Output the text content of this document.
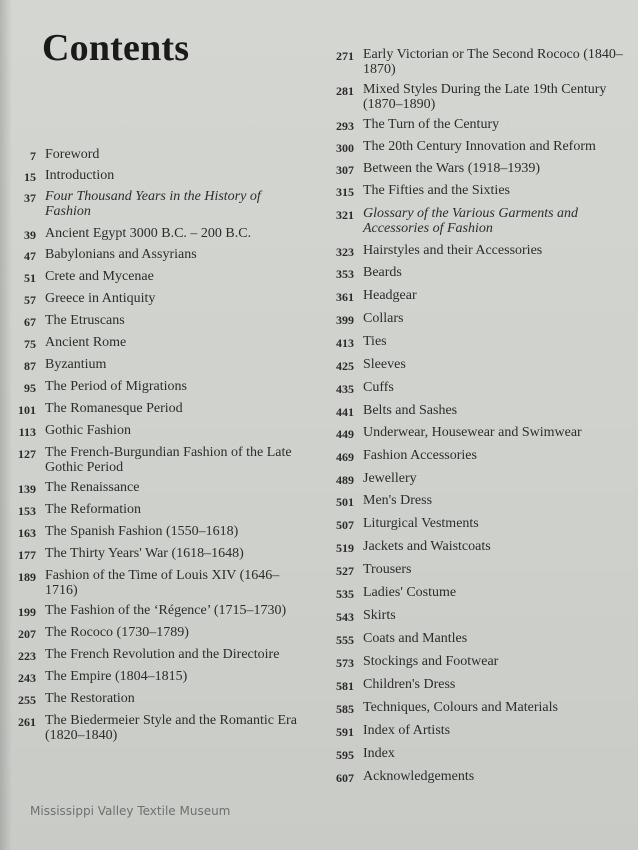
Contents
7 Foreword
15 Introduction
37 Four Thousand Years in the History of Fashion
39 Ancient Egypt 3000 B.C. – 200 B.C.
47 Babylonians and Assyrians
51 Crete and Mycenae
57 Greece in Antiquity
67 The Etruscans
75 Ancient Rome
87 Byzantium
95 The Period of Migrations
101 The Romanesque Period
113 Gothic Fashion
127 The French-Burgundian Fashion of the Late Gothic Period
139 The Renaissance
153 The Reformation
163 The Spanish Fashion (1550–1618)
177 The Thirty Years' War (1618–1648)
189 Fashion of the Time of Louis XIV (1646–1716)
199 The Fashion of the ‘Régence’ (1715–1730)
207 The Rococo (1730–1789)
223 The French Revolution and the Directoire
243 The Empire (1804–1815)
255 The Restoration
261 The Biedermeier Style and the Romantic Era (1820–1840)
271 Early Victorian or The Second Rococo (1840–1870)
281 Mixed Styles During the Late 19th Century (1870–1890)
293 The Turn of the Century
300 The 20th Century Innovation and Reform
307 Between the Wars (1918–1939)
315 The Fifties and the Sixties
321 Glossary of the Various Garments and Accessories of Fashion
323 Hairstyles and their Accessories
353 Beards
361 Headgear
399 Collars
413 Ties
425 Sleeves
435 Cuffs
441 Belts and Sashes
449 Underwear, Housewear and Swimwear
469 Fashion Accessories
489 Jewellery
501 Men's Dress
507 Liturgical Vestments
519 Jackets and Waistcoats
527 Trousers
535 Ladies' Costume
543 Skirts
555 Coats and Mantles
573 Stockings and Footwear
581 Children's Dress
585 Techniques, Colours and Materials
591 Index of Artists
595 Index
607 Acknowledgements
Mississippi Valley Textile Museum
